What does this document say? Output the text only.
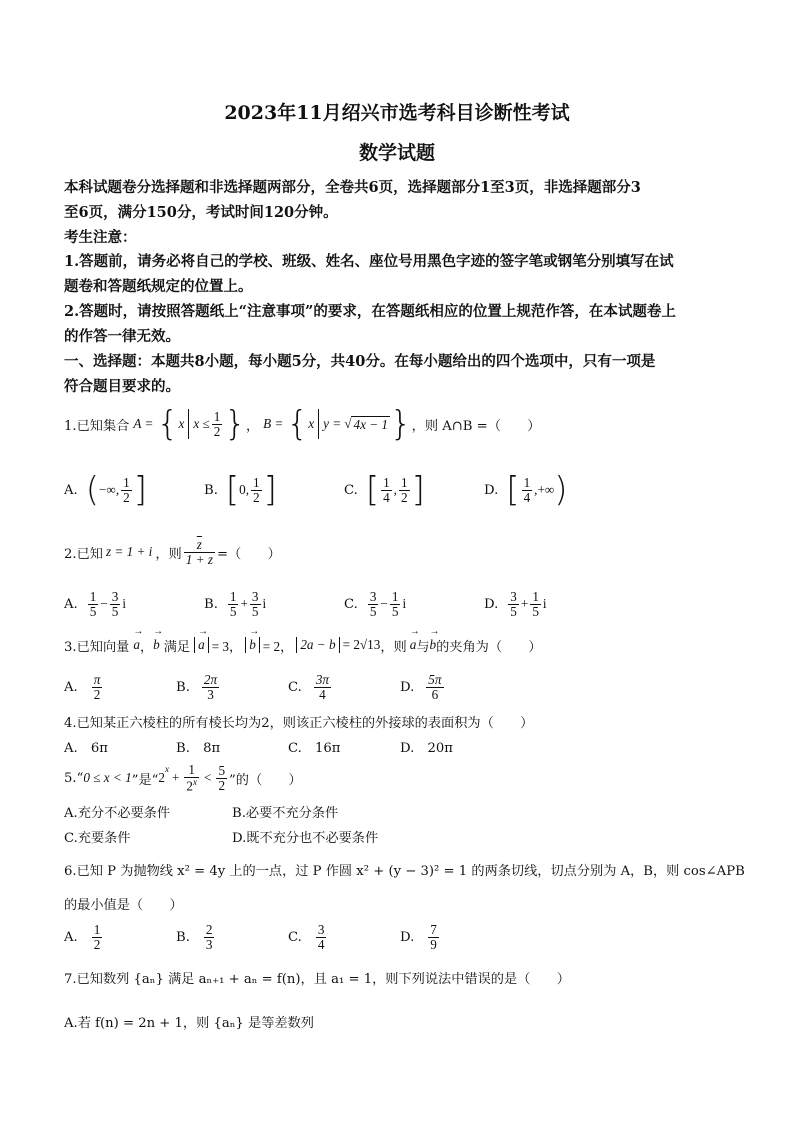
2023年11月绍兴市选考科目诊断性考试
数学试题
本科试题卷分选择题和非选择题两部分，全卷共6页，选择题部分1至3页，非选择题部分3
至6页，满分150分，考试时间120分钟。
考生注意：
1.答题前，请务必将自己的学校、班级、姓名、座位号用黑色字迹的签字笔或钢笔分别填写在试
题卷和答题纸规定的位置上。
2.答题时，请按照答题纸上“注意事项”的要求，在答题纸相应的位置上规范作答，在本试题卷上
的作答一律无效。
一、选择题：本题共8小题，每小题5分，共40分。在每小题给出的四个选项中，只有一项是
符合题目要求的。
1.已知集合 A = { x $x \le \frac{1}{2}$ } ， B = { x y = √ 4x − 1 } ，则 A∩B =（　　）
A. ( −∞, $\frac{1}{2}$ ]	B. [ 0, $\frac{1}{2}$ ]	C. [ $\frac{1}{4}$ , $\frac{1}{2}$ ]	D. [ $\frac{1}{4}$ ,+∞ )
2.已知 z = 1 + i ，则 $\frac{\overline{z}}{1 + z}$ =（　　）
A. $\frac{1}{5} - \frac{3}{5}$ i	B. $\frac{1}{5} + \frac{3}{5}$ i	C. $\frac{3}{5} - \frac{1}{5}$ i	D. $\frac{3}{5} + \frac{1}{5}$ i
3.已知向量 → a ， → b 满足 → a = 3， → b = 2， 2a − b = 2√13 ，则 → a 与 → b 的夹角为（　　）
A. $\frac{\pi}{2}$	B. $\frac{2\pi}{3}$	C. $\frac{3\pi}{4}$	D. $\frac{5\pi}{6}$
4.已知某正六棱柱的所有棱长均为2，则该正六棱柱的外接球的表面积为（　　）
A.　6π	B.　8π	C.　16π	D.　20π
5.“ 0 ≤ x < 1 ”是“ 2
$^x$
+ $\frac{1}{2^x} < \frac{5}{2}$ ”的（　　）
A.充分不必要条件	B.必要不充分条件
C.充要条件	D.既不充分也不必要条件
6.已知 P 为抛物线 x² = 4y 上的一点，过 P 作圆 x² + (y − 3)² = 1 的两条切线，切点分别为 A，B，则 cos∠APB
的最小值是（　　）
A. $\frac{1}{2}$	B. $\frac{2}{3}$	C. $\frac{3}{4}$	D. $\frac{7}{9}$
7.已知数列 {aₙ} 满足 aₙ₊₁ + aₙ = f(n)，且 a₁ = 1，则下列说法中错误的是（　　）
A.若 f(n) = 2n + 1，则 {aₙ} 是等差数列
